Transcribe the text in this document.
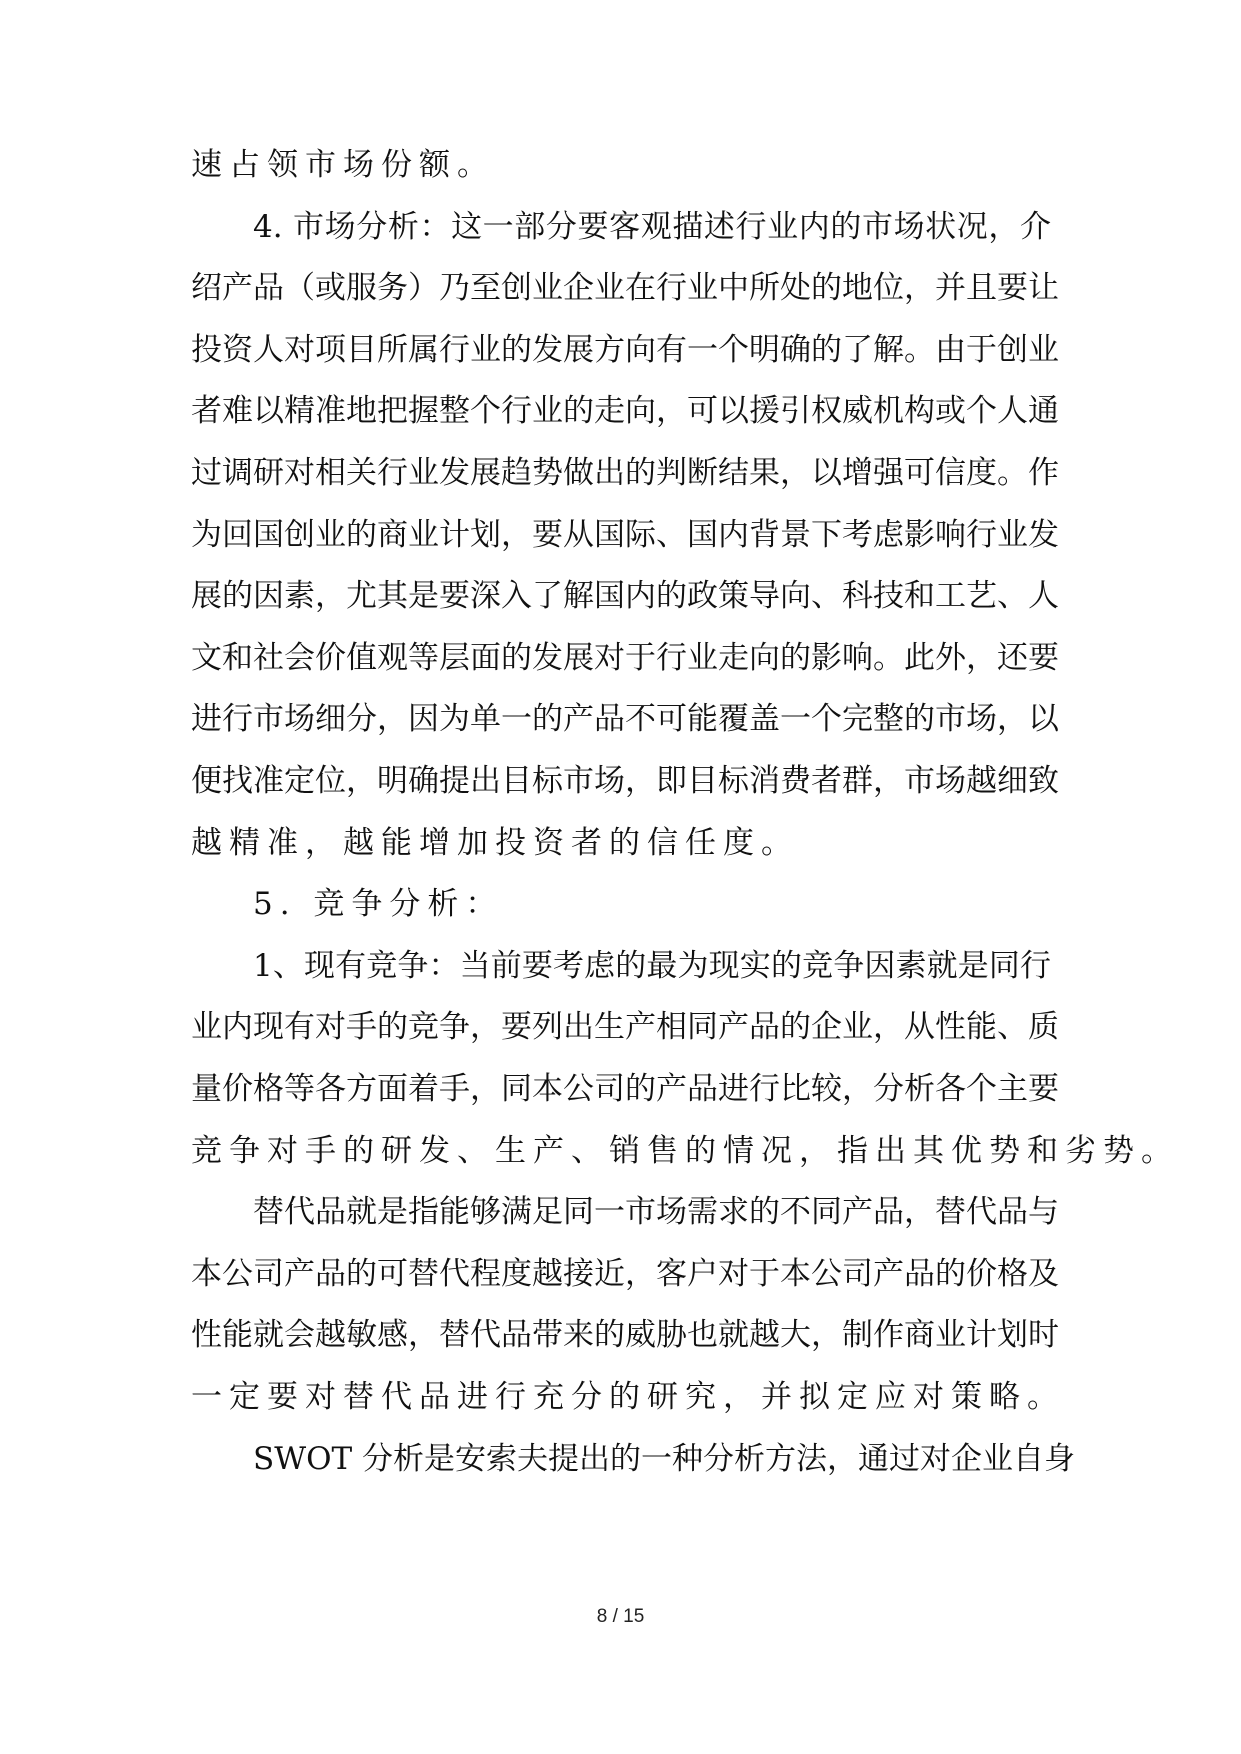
速占领市场份额。
4. 市场分析：这一部分要客观描述行业内的市场状况，介
绍产品（或服务）乃至创业企业在行业中所处的地位，并且要让
投资人对项目所属行业的发展方向有一个明确的了解。由于创业
者难以精准地把握整个行业的走向，可以援引权威机构或个人通
过调研对相关行业发展趋势做出的判断结果，以增强可信度。作
为回国创业的商业计划，要从国际、国内背景下考虑影响行业发
展的因素，尤其是要深入了解国内的政策导向、科技和工艺、人
文和社会价值观等层面的发展对于行业走向的影响。此外，还要
进行市场细分，因为单一的产品不可能覆盖一个完整的市场，以
便找准定位，明确提出目标市场，即目标消费者群，市场越细致
越精准，越能增加投资者的信任度。
5. 竞争分析：
1、现有竞争：当前要考虑的最为现实的竞争因素就是同行
业内现有对手的竞争，要列出生产相同产品的企业，从性能、质
量价格等各方面着手，同本公司的产品进行比较，分析各个主要
竞争对手的研发、生产、销售的情况，指出其优势和劣势。
替代品就是指能够满足同一市场需求的不同产品，替代品与
本公司产品的可替代程度越接近，客户对于本公司产品的价格及
性能就会越敏感，替代品带来的威胁也就越大，制作商业计划时
一定要对替代品进行充分的研究，并拟定应对策略。
SWOT 分析是安索夫提出的一种分析方法，通过对企业自身
8 / 15
